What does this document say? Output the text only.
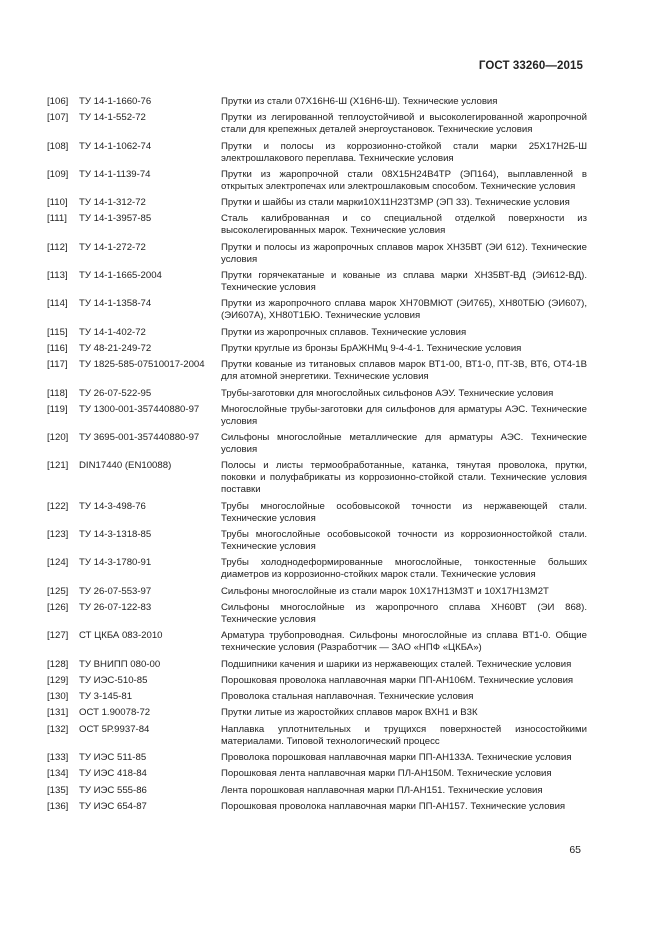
ГОСТ 33260—2015
[106]	ТУ 14-1-1660-76	Прутки из стали 07Х16Н6-Ш (Х16Н6-Ш). Технические условия
[107]	ТУ 14-1-552-72	Прутки из легированной теплоустойчивой и высоколегированной жаропрочной стали для крепежных деталей энергоустановок. Технические условия
[108]	ТУ 14-1-1062-74	Прутки и полосы из коррозионно-стойкой стали марки 25Х17Н2Б-Ш электрошлакового переплава. Технические условия
[109]	ТУ 14-1-1139-74	Прутки из жаропрочной стали 08Х15Н24В4ТР (ЭП164), выплавленной в открытых электропечах или электрошлаковым способом. Технические условия
[110]	ТУ 14-1-312-72	Прутки и шайбы из стали марки10Х11Н23Т3МР (ЭП 33). Технические условия
[111]	ТУ 14-1-3957-85	Сталь калиброванная и со специальной отделкой поверхности из высоколегированных марок. Технические условия
[112]	ТУ 14-1-272-72	Прутки и полосы из жаропрочных сплавов марок ХН35ВТ (ЭИ 612). Технические условия
[113]	ТУ 14-1-1665-2004	Прутки горячекатаные и кованые из сплава марки ХН35ВТ-ВД (ЭИ612-ВД). Технические условия
[114]	ТУ 14-1-1358-74	Прутки из жаропрочного сплава марок ХН70ВМЮТ (ЭИ765), ХН80ТБЮ (ЭИ607), (ЭИ607А), ХН80Т1БЮ. Технические условия
[115]	ТУ 14-1-402-72	Прутки из жаропрочных сплавов. Технические условия
[116]	ТУ 48-21-249-72	Прутки круглые из бронзы БрАЖНМц 9-4-4-1. Технические условия
[117]	ТУ 1825-585-07510017-2004	Прутки кованые из титановых сплавов марок ВТ1-00, ВТ1-0, ПТ-3В, ВТ6, ОТ4-1В для атомной энергетики. Технические условия
[118]	ТУ 26-07-522-95	Трубы-заготовки для многослойных сильфонов АЭУ. Технические условия
[119]	ТУ 1300-001-357440880-97	Многослойные трубы-заготовки для сильфонов для арматуры АЭС. Технические условия
[120]	ТУ 3695-001-357440880-97	Сильфоны многослойные металлические для арматуры АЭС. Технические условия
[121]	DIN17440 (EN10088)	Полосы и листы термообработанные, катанка, тянутая проволока, прутки, поковки и полуфабрикаты из коррозионно-стойкой стали. Технические условия поставки
[122]	ТУ 14-3-498-76	Трубы многослойные особовысокой точности из нержавеющей стали. Технические условия
[123]	ТУ 14-3-1318-85	Трубы многослойные особовысокой точности из коррозионностойкой стали. Технические условия
[124]	ТУ 14-3-1780-91	Трубы холоднодеформированные многослойные, тонкостенные больших диаметров из коррозионно-стойких марок стали. Технические условия
[125]	ТУ 26-07-553-97	Сильфоны многослойные из стали марок 10Х17Н13М3Т и 10Х17Н13М2Т
[126]	ТУ 26-07-122-83	Сильфоны многослойные из жаропрочного сплава ХН60ВТ (ЭИ 868). Технические условия
[127]	СТ ЦКБА 083-2010	Арматура трубопроводная. Сильфоны многослойные из сплава ВТ1-0. Общие технические условия (Разработчик — ЗАО «НПФ «ЦКБА»)
[128]	ТУ ВНИПП 080-00	Подшипники качения и шарики из нержавеющих сталей. Технические условия
[129]	ТУ ИЭС-510-85	Порошковая проволока наплавочная марки ПП-АН106М. Технические условия
[130]	ТУ 3-145-81	Проволока стальная наплавочная. Технические условия
[131]	ОСТ 1.90078-72	Прутки литые из жаростойких сплавов марок ВХН1 и В3К
[132]	ОСТ 5Р.9937-84	Наплавка уплотнительных и трущихся поверхностей износостойкими материалами. Типовой технологический процесс
[133]	ТУ ИЭС 511-85	Проволока порошковая наплавочная марки ПП-АН133А. Технические условия
[134]	ТУ ИЭС 418-84	Порошковая лента наплавочная марки ПЛ-АН150М. Технические условия
[135]	ТУ ИЭС 555-86	Лента порошковая наплавочная марки ПЛ-АН151. Технические условия
[136]	ТУ ИЭС 654-87	Порошковая проволока наплавочная марки ПП-АН157. Технические условия
65
